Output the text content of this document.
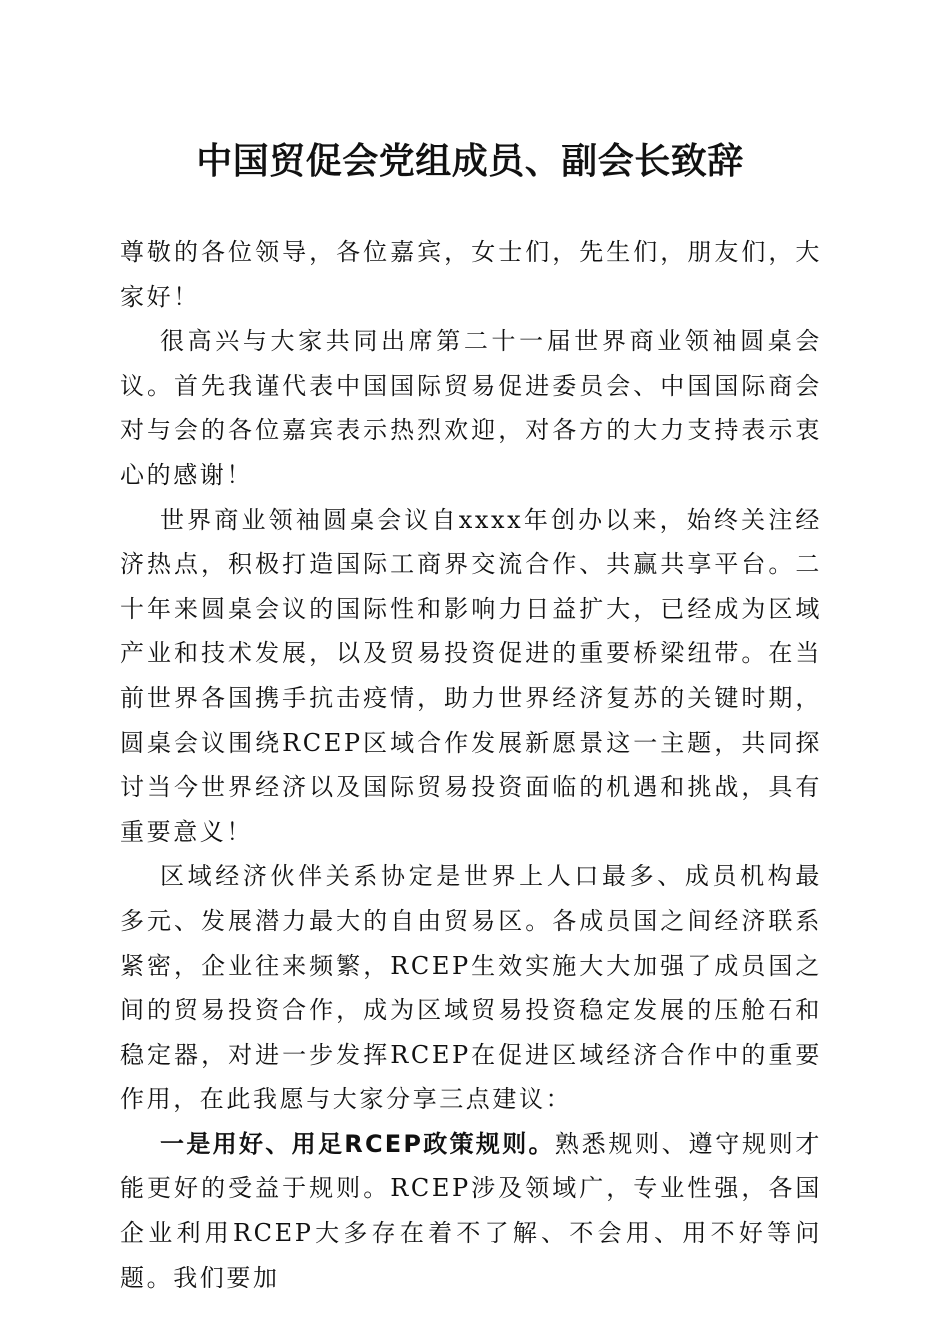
中国贸促会党组成员、副会长致辞

尊敬的各位领导，各位嘉宾，女士们，先生们，朋友们，大家好！

很高兴与大家共同出席第二十一届世界商业领袖圆桌会议。首先我谨代表中国国际贸易促进委员会、中国国际商会对与会的各位嘉宾表示热烈欢迎，对各方的大力支持表示衷心的感谢！

世界商业领袖圆桌会议自xxxx年创办以来，始终关注经济热点，积极打造国际工商界交流合作、共赢共享平台。二十年来圆桌会议的国际性和影响力日益扩大，已经成为区域产业和技术发展，以及贸易投资促进的重要桥梁纽带。在当前世界各国携手抗击疫情，助力世界经济复苏的关键时期，圆桌会议围绕RCEP区域合作发展新愿景这一主题，共同探讨当今世界经济以及国际贸易投资面临的机遇和挑战，具有重要意义！

区域经济伙伴关系协定是世界上人口最多、成员机构最多元、发展潜力最大的自由贸易区。各成员国之间经济联系紧密，企业往来频繁，RCEP生效实施大大加强了成员国之间的贸易投资合作，成为区域贸易投资稳定发展的压舱石和稳定器，对进一步发挥RCEP在促进区域经济合作中的重要作用，在此我愿与大家分享三点建议：

一是用好、用足RCEP政策规则。熟悉规则、遵守规则才能更好的受益于规则。RCEP涉及领域广，专业性强，各国企业利用RCEP大多存在着不了解、不会用、用不好等问题。我们要加
